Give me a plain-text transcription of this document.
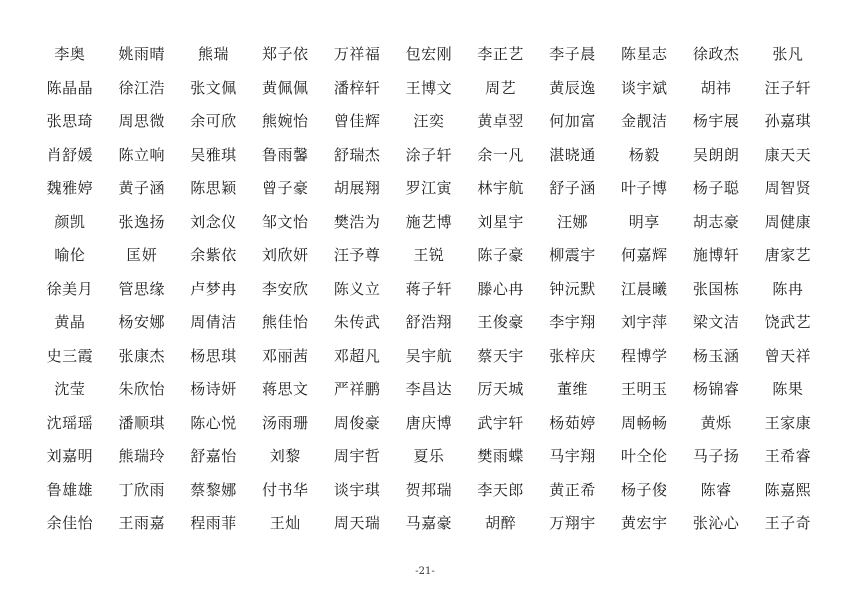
李奥	姚雨晴	熊瑞	郑子依	万祥福	包宏刚	李正艺	李子晨	陈星志	徐政杰	张凡
陈晶晶	徐江浩	张文佩	黄佩佩	潘梓轩	王博文	周艺	黄辰逸	谈宇斌	胡祎	汪子轩
张思琦	周思微	余可欣	熊婉怡	曾佳辉	汪奕	黄卓翌	何加富	金靓洁	杨宇展	孙嘉琪
肖舒媛	陈立响	吴雅琪	鲁雨馨	舒瑞杰	涂子轩	余一凡	湛晓通	杨毅	吴朗朗	康天天
魏雅婷	黄子涵	陈思颖	曾子豪	胡展翔	罗江寅	林宇航	舒子涵	叶子博	杨子聪	周智贤
颜凯	张逸扬	刘念仪	邹文怡	樊浩为	施艺博	刘星宇	汪娜	明享	胡志豪	周健康
喻伦	匡妍	余紫依	刘欣妍	汪予尊	王锐	陈子豪	柳震宇	何嘉辉	施博轩	唐家艺
徐美月	管思缘	卢梦冉	李安欣	陈义立	蒋子轩	滕心冉	钟沅默	江晨曦	张国栋	陈冉
黄晶	杨安娜	周倩洁	熊佳怡	朱传武	舒浩翔	王俊豪	李宇翔	刘宇萍	梁文洁	饶武艺
史三霞	张康杰	杨思琪	邓丽茜	邓超凡	吴宇航	蔡天宇	张梓庆	程博学	杨玉涵	曾天祥
沈莹	朱欣怡	杨诗妍	蒋思文	严祥鹏	李昌达	厉天城	董维	王明玉	杨锦睿	陈果
沈瑶瑶	潘顺琪	陈心悦	汤雨珊	周俊豪	唐庆博	武宇轩	杨茹婷	周畅畅	黄烁	王家康
刘嘉明	熊瑞玲	舒嘉怡	刘黎	周宇哲	夏乐	樊雨蝶	马宇翔	叶仝伦	马子扬	王希睿
鲁雄雄	丁欣雨	蔡黎娜	付书华	谈宇琪	贺邦瑞	李天郎	黄正希	杨子俊	陈睿	陈嘉熙
余佳怡	王雨嘉	程雨菲	王灿	周天瑞	马嘉豪	胡醉	万翔宇	黄宏宇	张沁心	王子奇
-21-
